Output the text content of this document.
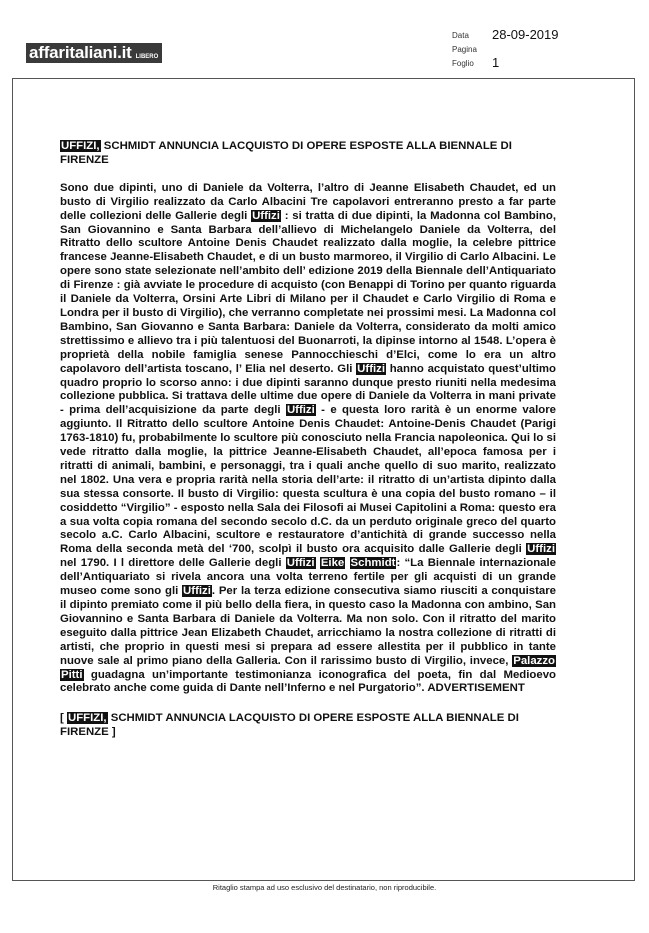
affaritaliani.it LIBERO
Data 28-09-2019
Pagina
Foglio 1

UFFIZI, SCHMIDT ANNUNCIA LACQUISTO DI OPERE ESPOSTE ALLA BIENNALE DI FIRENZE

Sono due dipinti, uno di Daniele da Volterra, l’altro di Jeanne Elisabeth Chaudet, ed un busto di Virgilio realizzato da Carlo Albacini Tre capolavori entreranno presto a far parte delle collezioni delle Gallerie degli Uffizi : si tratta di due dipinti, la Madonna col Bambino, San Giovannino e Santa Barbara dell’allievo di Michelangelo Daniele da Volterra, del Ritratto dello scultore Antoine Denis Chaudet realizzato dalla moglie, la celebre pittrice francese Jeanne-Elisabeth Chaudet, e di un busto marmoreo, il Virgilio di Carlo Albacini. Le opere sono state selezionate nell’ambito dell’ edizione 2019 della Biennale dell’Antiquariato di Firenze : già avviate le procedure di acquisto (con Benappi di Torino per quanto riguarda il Daniele da Volterra, Orsini Arte Libri di Milano per il Chaudet e Carlo Virgilio di Roma e Londra per il busto di Virgilio), che verranno completate nei prossimi mesi. La Madonna col Bambino, San Giovanno e Santa Barbara: Daniele da Volterra, considerato da molti amico strettissimo e allievo tra i più talentuosi del Buonarroti, la dipinse intorno al 1548. L’opera è proprietà della nobile famiglia senese Pannocchieschi d’Elci, come lo era un altro capolavoro dell’artista toscano, l’ Elia nel deserto. Gli Uffizi hanno acquistato quest’ultimo quadro proprio lo scorso anno: i due dipinti saranno dunque presto riuniti nella medesima collezione pubblica. Si trattava delle ultime due opere di Daniele da Volterra in mani private - prima dell’acquisizione da parte degli Uffizi - e questa loro rarità è un enorme valore aggiunto. Il Ritratto dello scultore Antoine Denis Chaudet: Antoine-Denis Chaudet (Parigi 1763-1810) fu, probabilmente lo scultore più conosciuto nella Francia napoleonica. Qui lo si vede ritratto dalla moglie, la pittrice Jeanne-Elisabeth Chaudet, all’epoca famosa per i ritratti di animali, bambini, e personaggi, tra i quali anche quello di suo marito, realizzato nel 1802. Una vera e propria rarità nella storia dell’arte: il ritratto di un’artista dipinto dalla sua stessa consorte. Il busto di Virgilio: questa scultura è una copia del busto romano – il cosiddetto “Virgilio” - esposto nella Sala dei Filosofi ai Musei Capitolini a Roma: questo era a sua volta copia romana del secondo secolo d.C. da un perduto originale greco del quarto secolo a.C. Carlo Albacini, scultore e restauratore d’antichità di grande successo nella Roma della seconda metà del ‘700, scolpì il busto ora acquisito dalle Gallerie degli Uffizi nel 1790. I l direttore delle Gallerie degli Uffizi Eike Schmidt: “La Biennale internazionale dell’Antiquariato si rivela ancora una volta terreno fertile per gli acquisti di un grande museo come sono gli Uffizi. Per la terza edizione consecutiva siamo riusciti a conquistare il dipinto premiato come il più bello della fiera, in questo caso la Madonna con ambino, San Giovannino e Santa Barbara di Daniele da Volterra. Ma non solo. Con il ritratto del marito eseguito dalla pittrice Jean Elizabeth Chaudet, arricchiamo la nostra collezione di ritratti di artisti, che proprio in questi mesi si prepara ad essere allestita per il pubblico in tante nuove sale al primo piano della Galleria. Con il rarissimo busto di Virgilio, invece, Palazzo Pitti guadagna un’importante testimonianza iconografica del poeta, fin dal Medioevo celebrato anche come guida di Dante nell’Inferno e nel Purgatorio”. ADVERTISEMENT

[ UFFIZI, SCHMIDT ANNUNCIA LACQUISTO DI OPERE ESPOSTE ALLA BIENNALE DI FIRENZE ]

Ritaglio stampa ad uso esclusivo del destinatario, non riproducibile.
